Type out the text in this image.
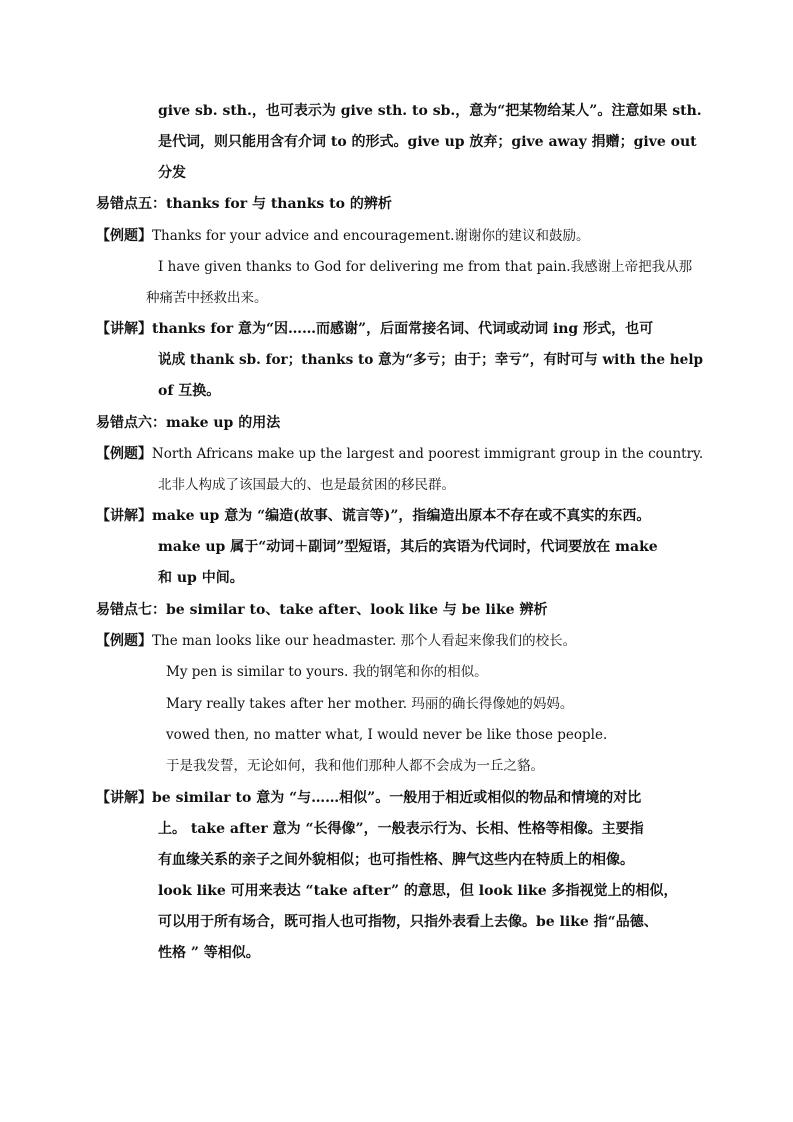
give sb. sth.，也可表示为 give sth. to sb.，意为“把某物给某人”。注意如果 sth.
是代词，则只能用含有介词 to 的形式。give up 放弃；give away 捐赠；give out
分发
易错点五：thanks for 与 thanks to 的辨析
【例题】Thanks for your advice and encouragement.谢谢你的建议和鼓励。
I have given thanks to God for delivering me from that pain.我感谢上帝把我从那
种痛苦中拯救出来。
【讲解】thanks for 意为“因……而感谢”，后面常接名词、代词或动词 ing 形式，也可
说成 thank sb. for；thanks to 意为“多亏；由于；幸亏”，有时可与 with the help
of 互换。
易错点六：make up 的用法
【例题】North Africans make up the largest and poorest immigrant group in the country.
北非人构成了该国最大的、也是最贫困的移民群。
【讲解】make up 意为 “编造(故事、谎言等)”，指编造出原本不存在或不真实的东西。
make up 属于“动词＋副词”型短语，其后的宾语为代词时，代词要放在 make
和 up 中间。
易错点七：be similar to、take after、look like 与 be like 辨析
【例题】The man looks like our headmaster. 那个人看起来像我们的校长。
My pen is similar to yours. 我的钢笔和你的相似。
Mary really takes after her mother. 玛丽的确长得像她的妈妈。
vowed then, no matter what, I would never be like those people.
于是我发誓，无论如何，我和他们那种人都不会成为一丘之貉。
【讲解】be similar to 意为 “与……相似”。一般用于相近或相似的物品和情境的对比
上。 take after 意为 “长得像”，一般表示行为、长相、性格等相像。主要指
有血缘关系的亲子之间外貌相似；也可指性格、脾气这些内在特质上的相像。
look like 可用来表达 “take after” 的意思，但 look like 多指视觉上的相似，
可以用于所有场合，既可指人也可指物，只指外表看上去像。be like 指“品德、
性格 ” 等相似。
